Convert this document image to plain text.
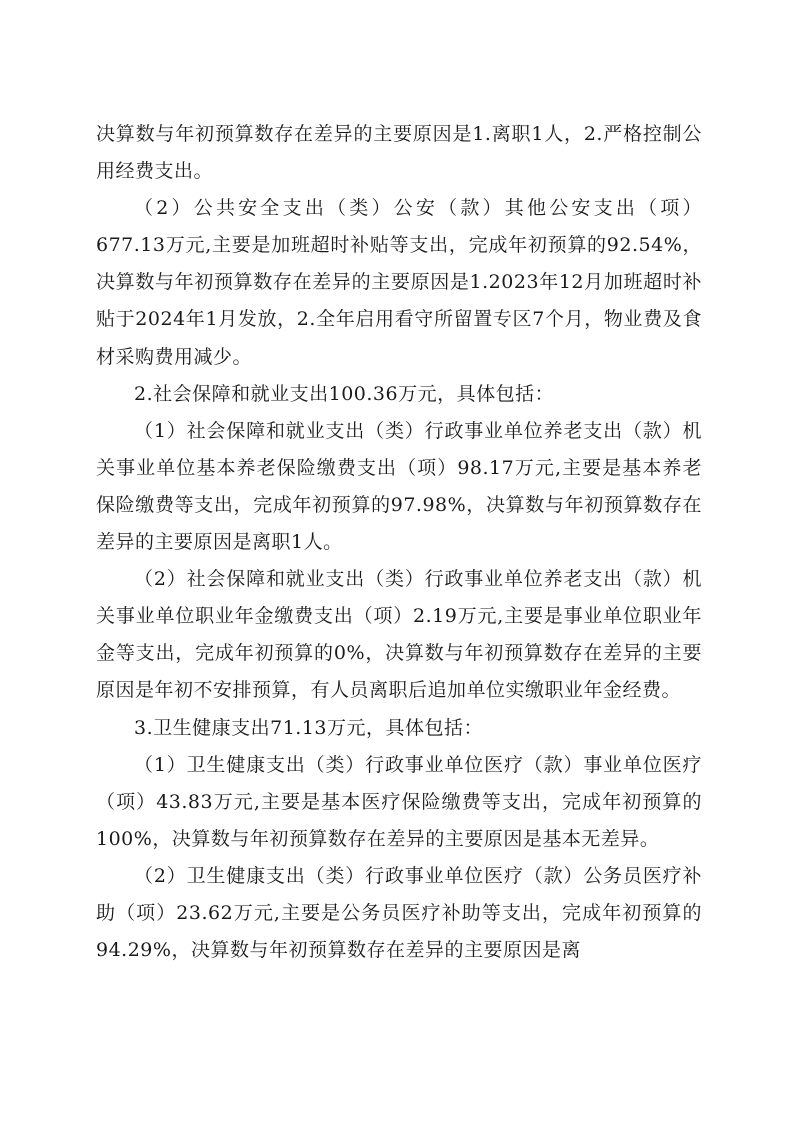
决算数与年初预算数存在差异的主要原因是1.离职1人，2.严格控制公用经费支出。

（2）公共安全支出（类）公安（款）其他公安支出（项）677.13万元,主要是加班超时补贴等支出，完成年初预算的92.54%，决算数与年初预算数存在差异的主要原因是1.2023年12月加班超时补贴于2024年1月发放，2.全年启用看守所留置专区7个月，物业费及食材采购费用减少。

2.社会保障和就业支出100.36万元，具体包括：

（1）社会保障和就业支出（类）行政事业单位养老支出（款）机关事业单位基本养老保险缴费支出（项）98.17万元,主要是基本养老保险缴费等支出，完成年初预算的97.98%，决算数与年初预算数存在差异的主要原因是离职1人。

（2）社会保障和就业支出（类）行政事业单位养老支出（款）机关事业单位职业年金缴费支出（项）2.19万元,主要是事业单位职业年金等支出，完成年初预算的0%，决算数与年初预算数存在差异的主要原因是年初不安排预算，有人员离职后追加单位实缴职业年金经费。

3.卫生健康支出71.13万元，具体包括：

（1）卫生健康支出（类）行政事业单位医疗（款）事业单位医疗（项）43.83万元,主要是基本医疗保险缴费等支出，完成年初预算的100%，决算数与年初预算数存在差异的主要原因是基本无差异。

（2）卫生健康支出（类）行政事业单位医疗（款）公务员医疗补助（项）23.62万元,主要是公务员医疗补助等支出，完成年初预算的94.29%，决算数与年初预算数存在差异的主要原因是离
